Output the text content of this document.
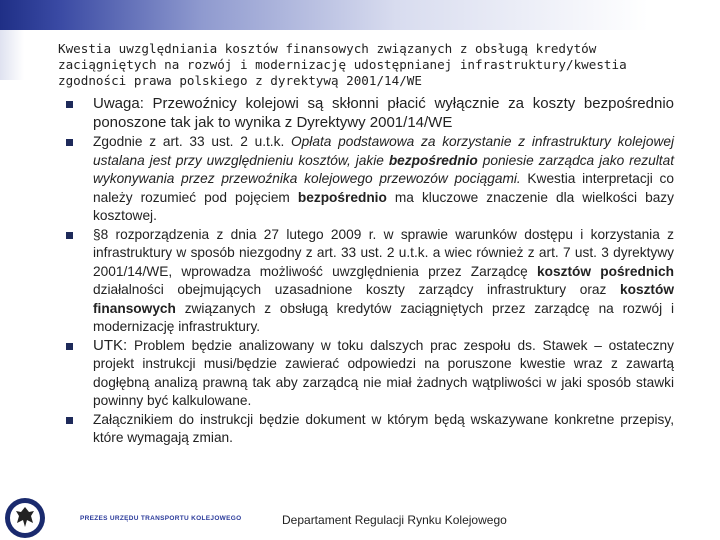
Kwestia uwzględniania kosztów finansowych związanych z obsługą kredytów zaciągniętych na rozwój i modernizację udostępnianej infrastruktury/kwestia zgodności prawa polskiego z dyrektywą 2001/14/WE
Uwaga: Przewoźnicy kolejowi są skłonni płacić wyłącznie za koszty bezpośrednio ponoszone tak jak to wynika z Dyrektywy 2001/14/WE
Zgodnie z art. 33 ust. 2 u.t.k. Opłata podstawowa za korzystanie z infrastruktury kolejowej ustalana jest przy uwzględnieniu kosztów, jakie bezpośrednio poniesie zarządca jako rezultat wykonywania przez przewoźnika kolejowego przewozów pociągami. Kwestia interpretacji co należy rozumieć pod pojęciem bezpośrednio ma kluczowe znaczenie dla wielkości bazy kosztowej.
§8 rozporządzenia z dnia 27 lutego 2009 r. w sprawie warunków dostępu i korzystania z infrastruktury w sposób niezgodny z art. 33 ust. 2 u.t.k. a wiec również z art. 7 ust. 3 dyrektywy 2001/14/WE, wprowadza możliwość uwzględnienia przez Zarządcę kosztów pośrednich działalności obejmujących uzasadnione koszty zarządcy infrastruktury oraz kosztów finansowych związanych z obsługą kredytów zaciągniętych przez zarządcę na rozwój i modernizację infrastruktury.
UTK: Problem będzie analizowany w toku dalszych prac zespołu ds. Stawek – ostateczny projekt instrukcji musi/będzie zawierać odpowiedzi na poruszone kwestie wraz z zawartą dogłębną analizą prawną tak aby zarządcą nie miał żadnych wątpliwości w jaki sposób stawki powinny być kalkulowane.
Załącznikiem do instrukcji będzie dokument w którym będą wskazywane konkretne przepisy, które wymagają zmian.
PREZES URZĘDU TRANSPORTU KOLEJOWEGO	Departament Regulacji Rynku Kolejowego
